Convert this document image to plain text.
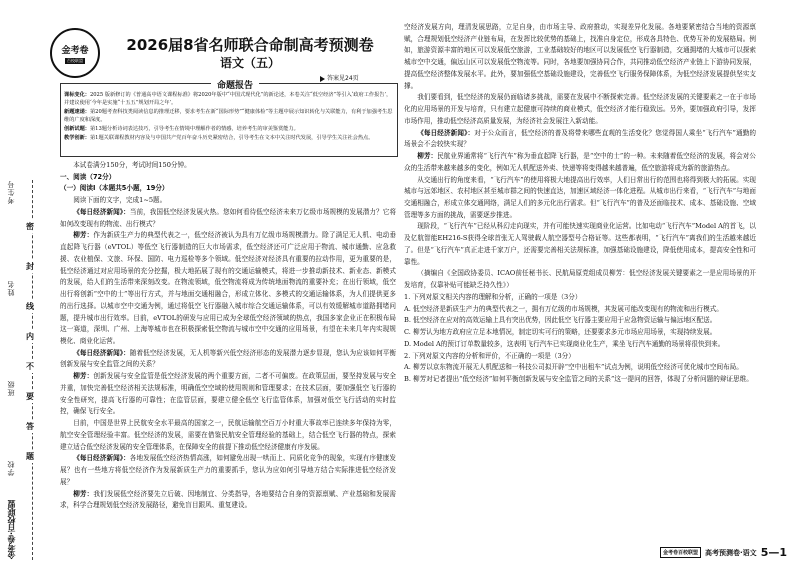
考生号
姓名
班级
学校
密
封
线
内
不
要
答
题
金考卷·百校联盟
金考卷
百校联盟
2026届8省名师联合命制高考预测卷
语文（五）
答案见24页
命题报告

课标变化：2025 版新修订的《普通高中语文课程标准》将2020年版中“中国式现代化”的新论述，本卷关注“低空经济”等引入‘政府工作报告’，并建议使用‘今年是实施“十五五”规划开局之年’。

新题速递：第20题考查科技类阅读信息的推理迁移，要求考生在新“国际形势”“健康体检”等主题中展示知识转化与关联能力，有利于加强考生思维的广度和深度。

创新试题：第13题分析诗词表达技巧，引导考生在情境中理解作者的情感，培养考生的审美鉴赏能力。

教学创新：第1题关联课程教材内容及与中国共产党百年奋斗历史紧密结合，引导考生在文本中关注时代发展，引导学生关注社会热点。

本试卷满分150分，考试时间150分钟。

一、阅读（72分）

（一）阅读Ⅰ（本题共5小题，19分）

阅读下面的文字，完成1~5题。

《每日经济新闻》：当前，我国低空经济发展火热。您如何看待低空经济未来万亿级市场规模的发展潜力？它将如何改变现有的物流、出行模式？

柳芳：作为新质生产力的典型代表之一，低空经济被认为具有万亿级市场规模潜力。除了满足无人机、电动垂直起降飞行器（eVTOL）等低空飞行器制造的巨大市场需求，低空经济还可广泛应用于物流、城市通勤、应急救援、农业植保、文旅、环保、国防、电力巡检等多个领域。低空经济对经济具有重要的拉动作用，更为重要的是，低空经济通过对应用场景的充分挖掘，极大地拓展了现有的交通运输模式，将进一步推动新技术、新业态、新模式的发展，给人们的生活带来深刻改变。在物流领域，低空物流将成为传统地面物流的重要补充；在出行领域，低空出行将创新“空中的士”等出行方式，并与地面交通相融合，形成立体化、多模式的交通运输体系，为人们提供更多的出行选择。以城市空中交通为例，通过将低空飞行器融入城市综合交通运输体系，可以有效缓解城市道路拥堵问题，提升城市出行效率。目前，eVTOL的研发与应用已成为全球低空经济领域的热点，我国多家企业正在积极布局这一赛道，深圳、广州、上海等城市也在积极探索低空物流与城市空中交通的应用场景，有望在未来几年内实现规模化、商业化运营。

《每日经济新闻》：随着低空经济发展，无人机等新兴低空经济形态的发展潜力逐步显现，您认为应该如何平衡创新发展与安全监管之间的关系？

柳芳：创新发展与安全监管是低空经济发展的两个重要方面，二者不可偏废。在政策层面，要坚持发展与安全并重，加快完善低空经济相关法规标准，明确低空空域的使用规则和管理要求；在技术层面，要加强低空飞行器的安全性研究，提高飞行器的可靠性；在监管层面，要建立健全低空飞行监管体系，加强对低空飞行活动的实时监控，确保飞行安全。

目前，中国是世界上民航安全水平最高的国家之一，民航运输航空百万小时重大事故率已连续多年保持为零，航空安全管理经验丰富。低空经济的发展，需要在借鉴民航安全管理经验的基础上，结合低空飞行器的特点，探索建立适合低空经济发展的安全管理体系，在保障安全的前提下推动低空经济健康有序发展。

《每日经济新闻》：各地发展低空经济热情高涨，如何避免出现一哄而上、同质化竞争的现象，实现有序健康发展？也有一些地方将低空经济作为发展新质生产力的重要抓手，您认为应如何引导地方结合实际推进低空经济发展？

柳芳：我们发展低空经济要先立后破、因地制宜、分类指导，各地要结合自身的资源禀赋、产业基础和发展需求，科学合理规划低空经济发展路径，避免盲目跟风、重复建设。

空经济发展方向，理清发展思路，立足自身，由市场主导、政府推动，实现差异化发展。各地要紧密结合当地的资源禀赋，合理规划低空经济产业链布局，在发挥比较优势的基础上，找准自身定位，形成各具特色、优势互补的发展格局。例如，旅游资源丰富的地区可以发展低空旅游，工业基础较好的地区可以发展低空飞行器制造，交通拥堵的大城市可以探索城市空中交通，偏远山区可以发展低空物流等。同时，各地要加强协同合作，共同推动低空经济产业链上下游协同发展，提高低空经济整体发展水平。此外，要加强低空基础设施建设，完善低空飞行服务保障体系，为低空经济发展提供坚实支撑。

我们要看到，低空经济的发展仍面临诸多挑战，需要在发展中不断探索完善。低空经济发展的关键要素之一在于市场化的应用场景的开发与培育，只有建立起健康可持续的商业模式，低空经济才能行稳致远。另外，要加强政府引导，发挥市场作用，推动低空经济高质量发展，为经济社会发展注入新动能。

《每日经济新闻》：对于公众而言，低空经济的普及将带来哪些直观的生活变化？您觉得国人乘坐“飞行汽车”通勤的场景会不会较快实现？

柳芳：民航业界通常将“飞行汽车”称为垂直起降飞行器，是“空中的士”的一种。未来随着低空经济的发展，将会对公众的生活带来越来越多的变化，例如无人机配送外卖、快递等将变得越来越普遍，低空旅游将成为新的旅游热点。

从交通出行的角度来看，“飞行汽车”的使用将极大地提高出行效率，人们日常出行的范围也将得到极大的拓展。实现城市与远郊地区、农村地区甚至城市群之间的快速直达，加速区域经济一体化进程。从城市出行来看，“飞行汽车”与地面交通相融合，形成立体交通网络，满足人们的多元化出行需求。但“飞行汽车”的普及还面临技术、成本、基础设施、空域管理等多方面的挑战，需要逐步推进。

现阶段，“飞行汽车”已经从科幻走向现实，并有可能快速实现商业化运营。比如电动“飞行汽车”Model A的首飞，以及亿航智能EH216-S获得全球首张无人驾驶载人航空器型号合格证等。这些都表明，“飞行汽车”离我们的生活越来越近了。但是“飞行汽车”真正走进千家万户，还需要完善相关法规标准，加强基础设施建设，降低使用成本，提高安全性和可靠性。

（摘编自《全国政协委员、ICAO前任秘书长、民航局原党组成员柳芳：低空经济发展关键要素之一是应用场景的开发培育，仅靠补贴可能缺乏持久性》）

1. 下列对原文相关内容的理解和分析，正确的一项是（3分）

A. 低空经济是新质生产力的典型代表之一，拥有万亿级的市场规模，其发展可能改变现有的物流和出行模式。

B. 低空经济在应对的高效运输上具有突出优势，因此低空飞行器主要应用于应急物资运输与偏远地区配送。

C. 柳芳认为地方政府应立足本地情况，制定切实可行的策略，还要要求多元市场应用场景，实现持续发展。

D. Model A的预订订单数量较多，这表明飞行汽车已实现商业化生产，乘坐飞行汽车通勤的场景将很快到来。

2. 下列对原文内容的分析和评价，不正确的一项是（3分）

A. 柳芳以京东物流开展无人机配送和一科技公司拟开辟“空中出租车”试点为例，说明低空经济可优化城市空间布局。

B. 柳芳对记者提出“低空经济”如何平衡创新发展与安全监管之间的关系”这一提问的回答，体现了分析问题的辩证思维。

金考卷百校联盟	高考预测卷·语文 5—1
